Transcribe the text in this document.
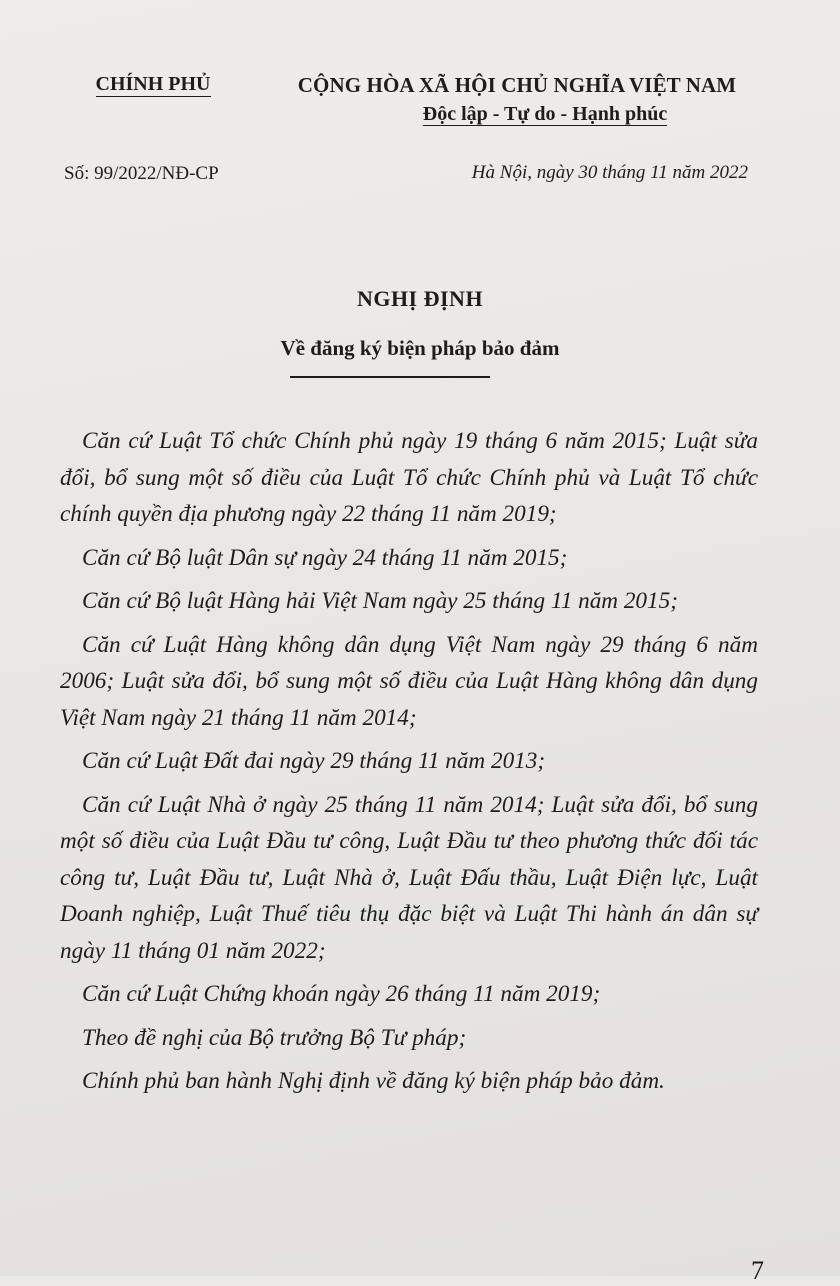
CHÍNH PHỦ	CỘNG HÒA XÃ HỘI CHỦ NGHĨA VIỆT NAM
Độc lập - Tự do - Hạnh phúc
Số: 99/2022/NĐ-CP	Hà Nội, ngày 30 tháng 11 năm 2022
NGHỊ ĐỊNH
Về đăng ký biện pháp bảo đảm

Căn cứ Luật Tổ chức Chính phủ ngày 19 tháng 6 năm 2015; Luật sửa đổi, bổ sung một số điều của Luật Tổ chức Chính phủ và Luật Tổ chức chính quyền địa phương ngày 22 tháng 11 năm 2019;

Căn cứ Bộ luật Dân sự ngày 24 tháng 11 năm 2015;

Căn cứ Bộ luật Hàng hải Việt Nam ngày 25 tháng 11 năm 2015;

Căn cứ Luật Hàng không dân dụng Việt Nam ngày 29 tháng 6 năm 2006; Luật sửa đổi, bổ sung một số điều của Luật Hàng không dân dụng Việt Nam ngày 21 tháng 11 năm 2014;

Căn cứ Luật Đất đai ngày 29 tháng 11 năm 2013;

Căn cứ Luật Nhà ở ngày 25 tháng 11 năm 2014; Luật sửa đổi, bổ sung một số điều của Luật Đầu tư công, Luật Đầu tư theo phương thức đối tác công tư, Luật Đầu tư, Luật Nhà ở, Luật Đấu thầu, Luật Điện lực, Luật Doanh nghiệp, Luật Thuế tiêu thụ đặc biệt và Luật Thi hành án dân sự ngày 11 tháng 01 năm 2022;

Căn cứ Luật Chứng khoán ngày 26 tháng 11 năm 2019;

Theo đề nghị của Bộ trưởng Bộ Tư pháp;

Chính phủ ban hành Nghị định về đăng ký biện pháp bảo đảm.

7
